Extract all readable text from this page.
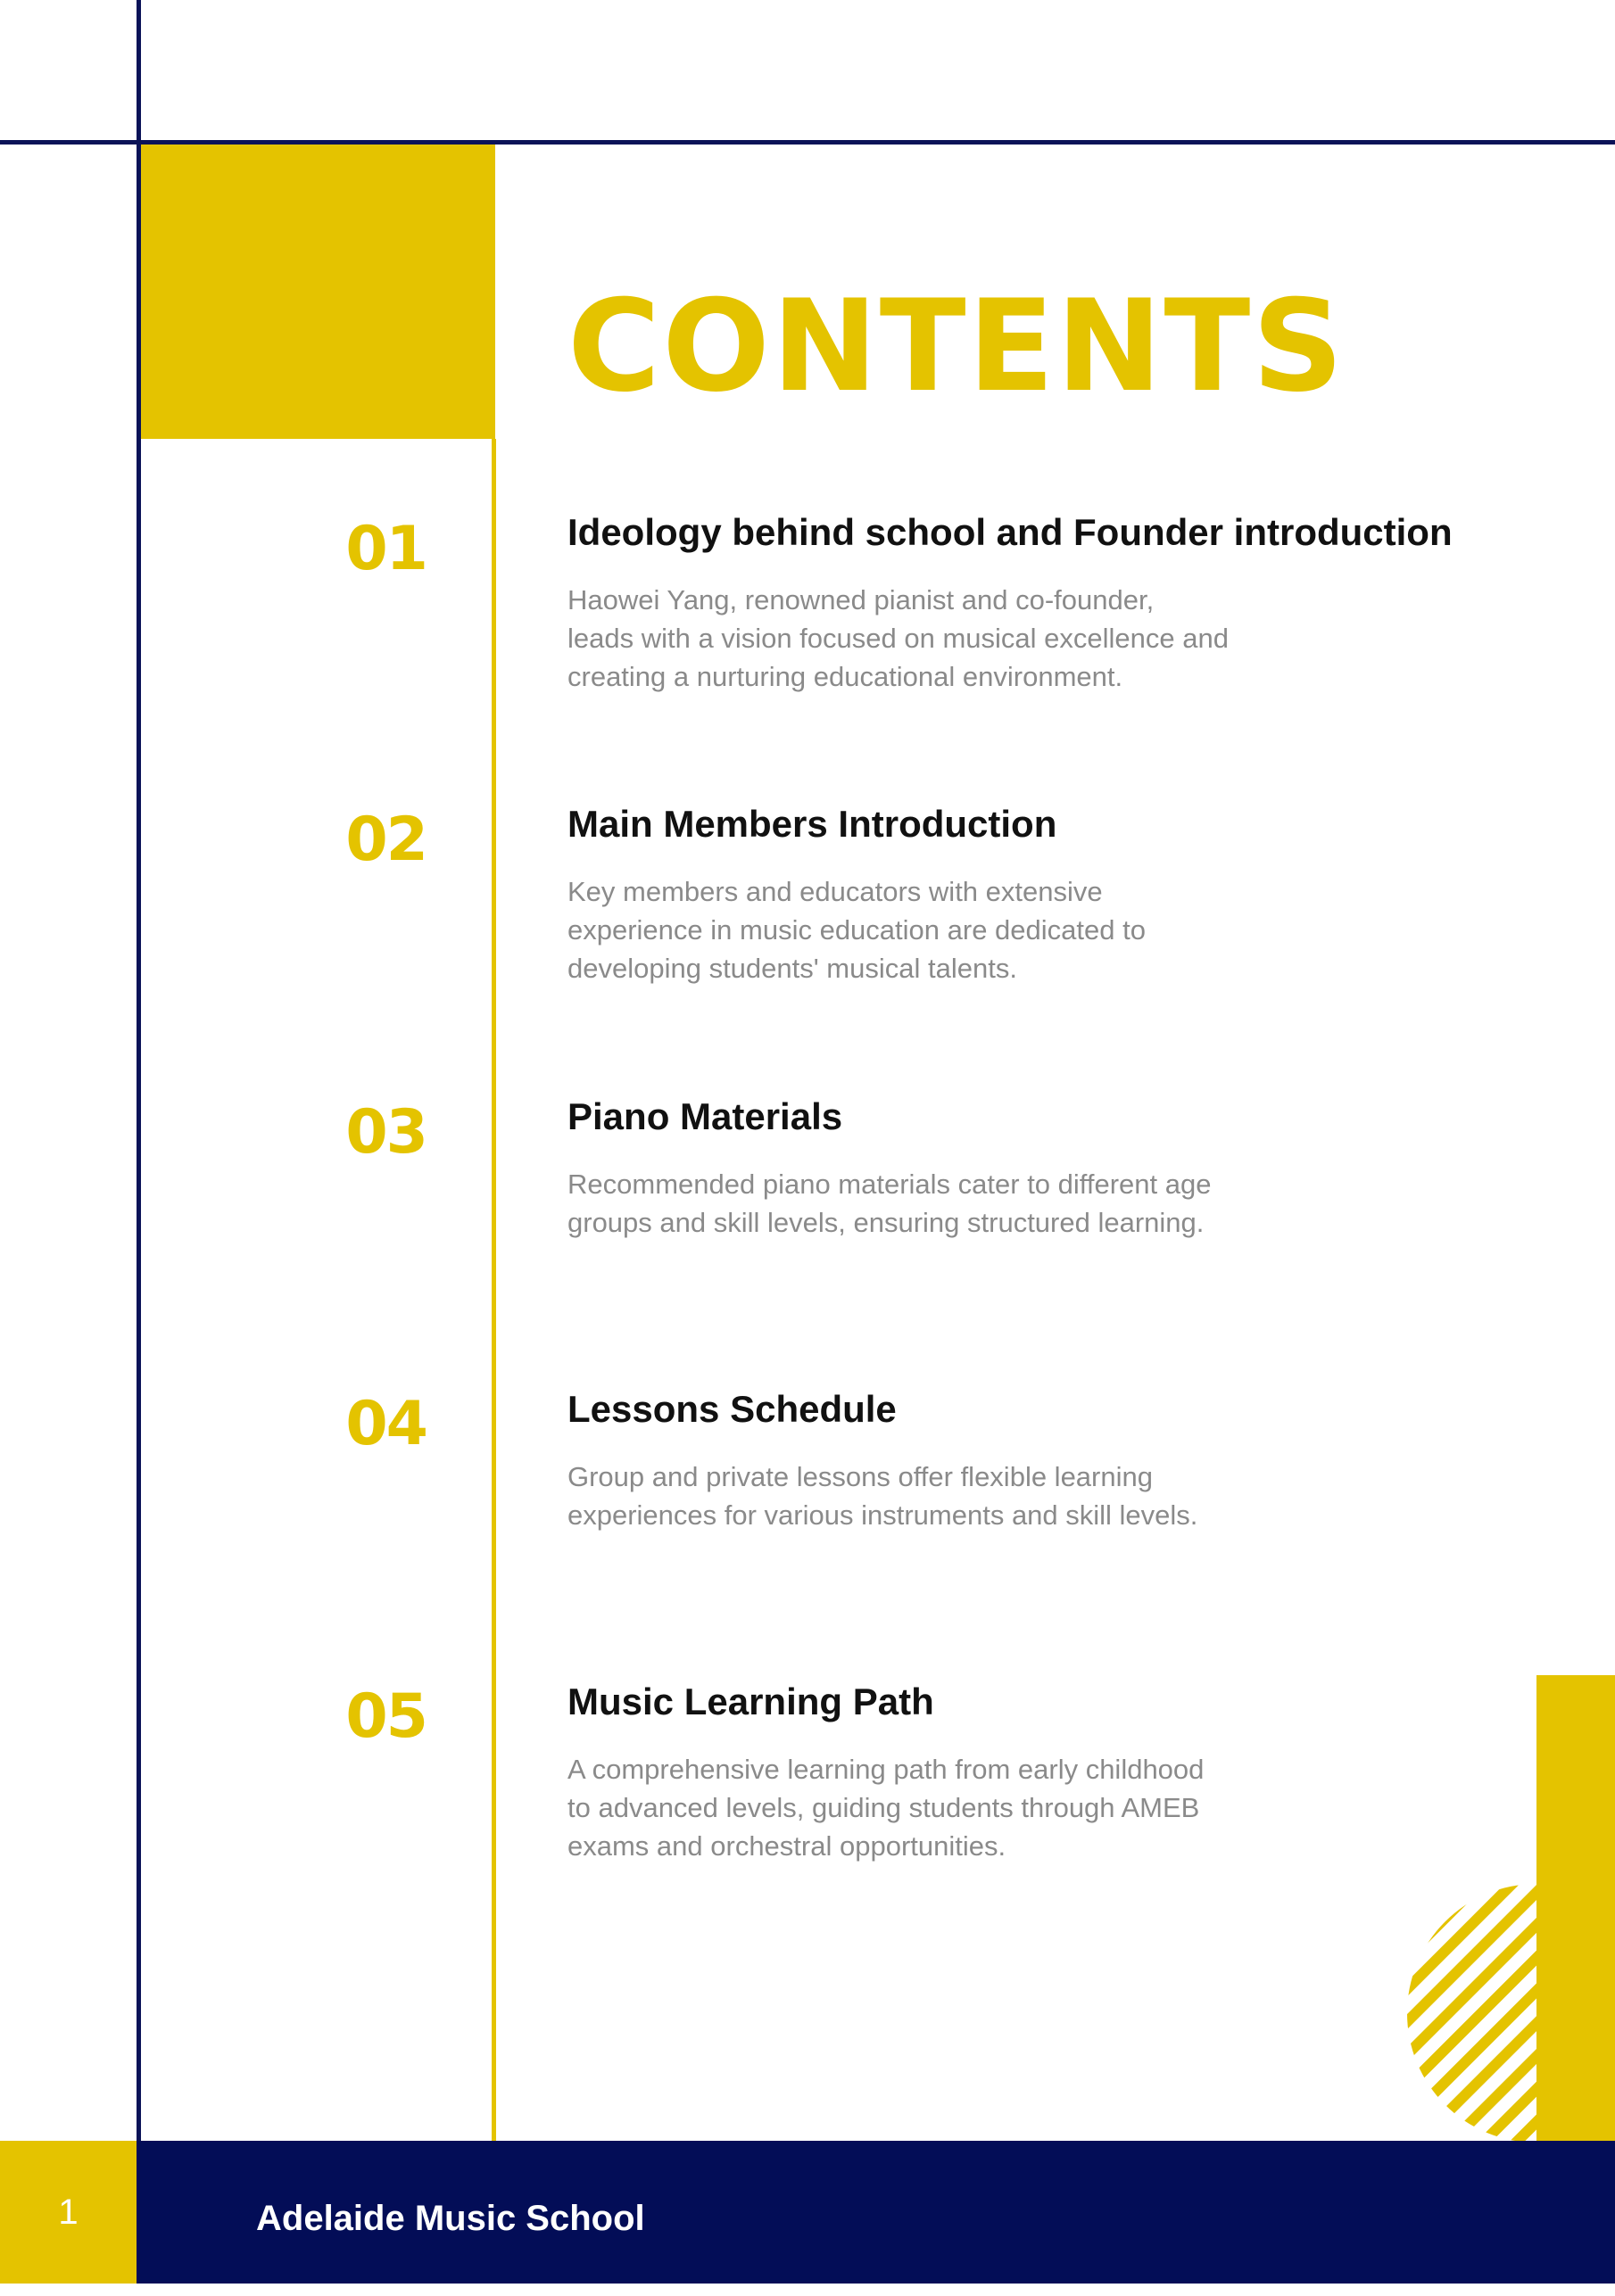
CONTENTS
01	Ideology behind school and Founder introduction
Haowei Yang, renowned pianist and co-founder,
leads with a vision focused on musical excellence and
creating a nurturing educational environment.
02	Main Members Introduction
Key members and educators with extensive
experience in music education are dedicated to
developing students' musical talents.
03	Piano Materials
Recommended piano materials cater to different age
groups and skill levels, ensuring structured learning.
04	Lessons Schedule
Group and private lessons offer flexible learning
experiences for various instruments and skill levels.
05	Music Learning Path
A comprehensive learning path from early childhood
to advanced levels, guiding students through AMEB
exams and orchestral opportunities.
1	Adelaide Music School
